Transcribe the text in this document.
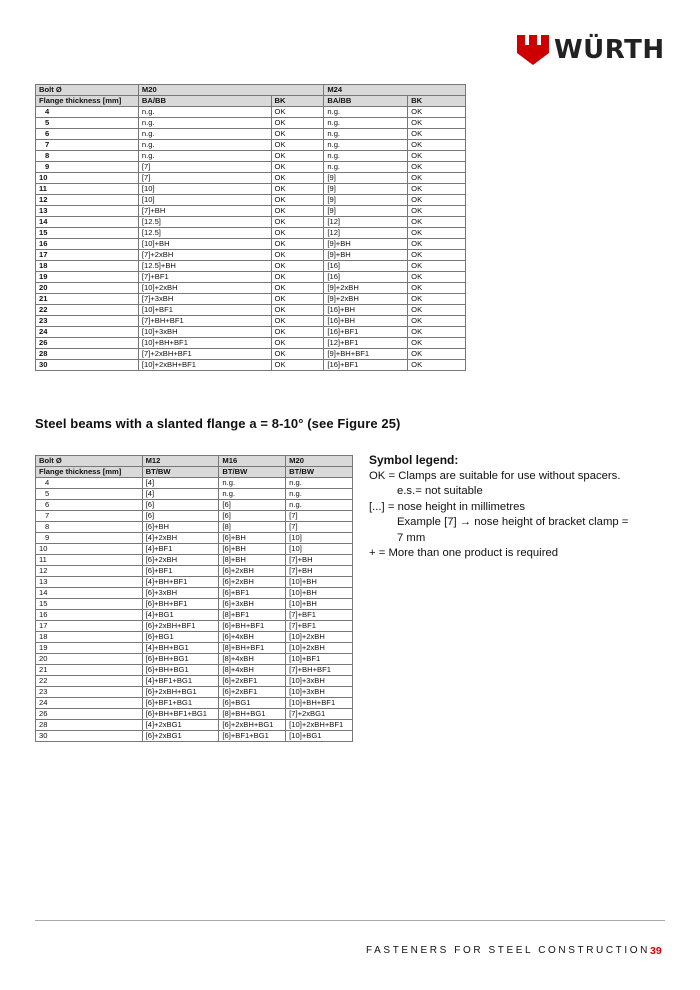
WÜRTH
Bolt Ø	M20		M24	
Flange thickness [mm]	BA/BB	BK	BA/BB	BK
4	n.g.	OK	n.g.	OK
5	n.g.	OK	n.g.	OK
6	n.g.	OK	n.g.	OK
7	n.g.	OK	n.g.	OK
8	n.g.	OK	n.g.	OK
9	[7]	OK	n.g.	OK
10	[7]	OK	[9]	OK
11	[10]	OK	[9]	OK
12	[10]	OK	[9]	OK
13	[7]+BH	OK	[9]	OK
14	[12.5]	OK	[12]	OK
15	[12.5]	OK	[12]	OK
16	[10]+BH	OK	[9]+BH	OK
17	[7]+2xBH	OK	[9]+BH	OK
18	[12.5]+BH	OK	[16]	OK
19	[7]+BF1	OK	[16]	OK
20	[10]+2xBH	OK	[9]+2xBH	OK
21	[7]+3xBH	OK	[9]+2xBH	OK
22	[10]+BF1	OK	[16]+BH	OK
23	[7]+BH+BF1	OK	[16]+BH	OK
24	[10]+3xBH	OK	[16]+BF1	OK
26	[10]+BH+BF1	OK	[12]+BF1	OK
28	[7]+2xBH+BF1	OK	[9]+BH+BF1	OK
30	[10]+2xBH+BF1	OK	[16]+BF1	OK
Steel beams with a slanted flange a = 8-10° (see Figure 25)
Bolt Ø	M12	M16	M20
Flange thickness [mm]	BT/BW	BT/BW	BT/BW
4	[4]	n.g.	n.g.
5	[4]	n.g.	n.g.
6	[6]	[6]	n.g.
7	[6]	[6]	[7]
8	[6]+BH	[8]	[7]
9	[4]+2xBH	[6]+BH	[10]
10	[4]+BF1	[6]+BH	[10]
11	[6]+2xBH	[8]+BH	[7]+BH
12	[6]+BF1	[6]+2xBH	[7]+BH
13	[4]+BH+BF1	[6]+2xBH	[10]+BH
14	[6]+3xBH	[6]+BF1	[10]+BH
15	[6]+BH+BF1	[6]+3xBH	[10]+BH
16	[4]+BG1	[8]+BF1	[7]+BF1
17	[6]+2xBH+BF1	[6]+BH+BF1	[7]+BF1
18	[6]+BG1	[6]+4xBH	[10]+2xBH
19	[4]+BH+BG1	[8]+BH+BF1	[10]+2xBH
20	[6]+BH+BG1	[8]+4xBH	[10]+BF1
21	[6]+BH+BG1	[8]+4xBH	[7]+BH+BF1
22	[4]+BF1+BG1	[6]+2xBF1	[10]+3xBH
23	[6]+2xBH+BG1	[6]+2xBF1	[10]+3xBH
24	[6]+BF1+BG1	[6]+BG1	[10]+BH+BF1
26	[6]+BH+BF1+BG1	[8]+BH+BG1	[7]+2xBG1
28	[4]+2xBG1	[6]+2xBH+BG1	[10]+2xBH+BF1
30	[6]+2xBG1	[6]+BF1+BG1	[10]+BG1
Symbol legend:
OK = Clamps are suitable for use without spacers.
e.s.= not suitable
[...] = nose height in millimetres
Example [7] → nose height of bracket clamp =
7 mm
+ = More than one product is required
FASTENERS FOR STEEL CONSTRUCTION 39
